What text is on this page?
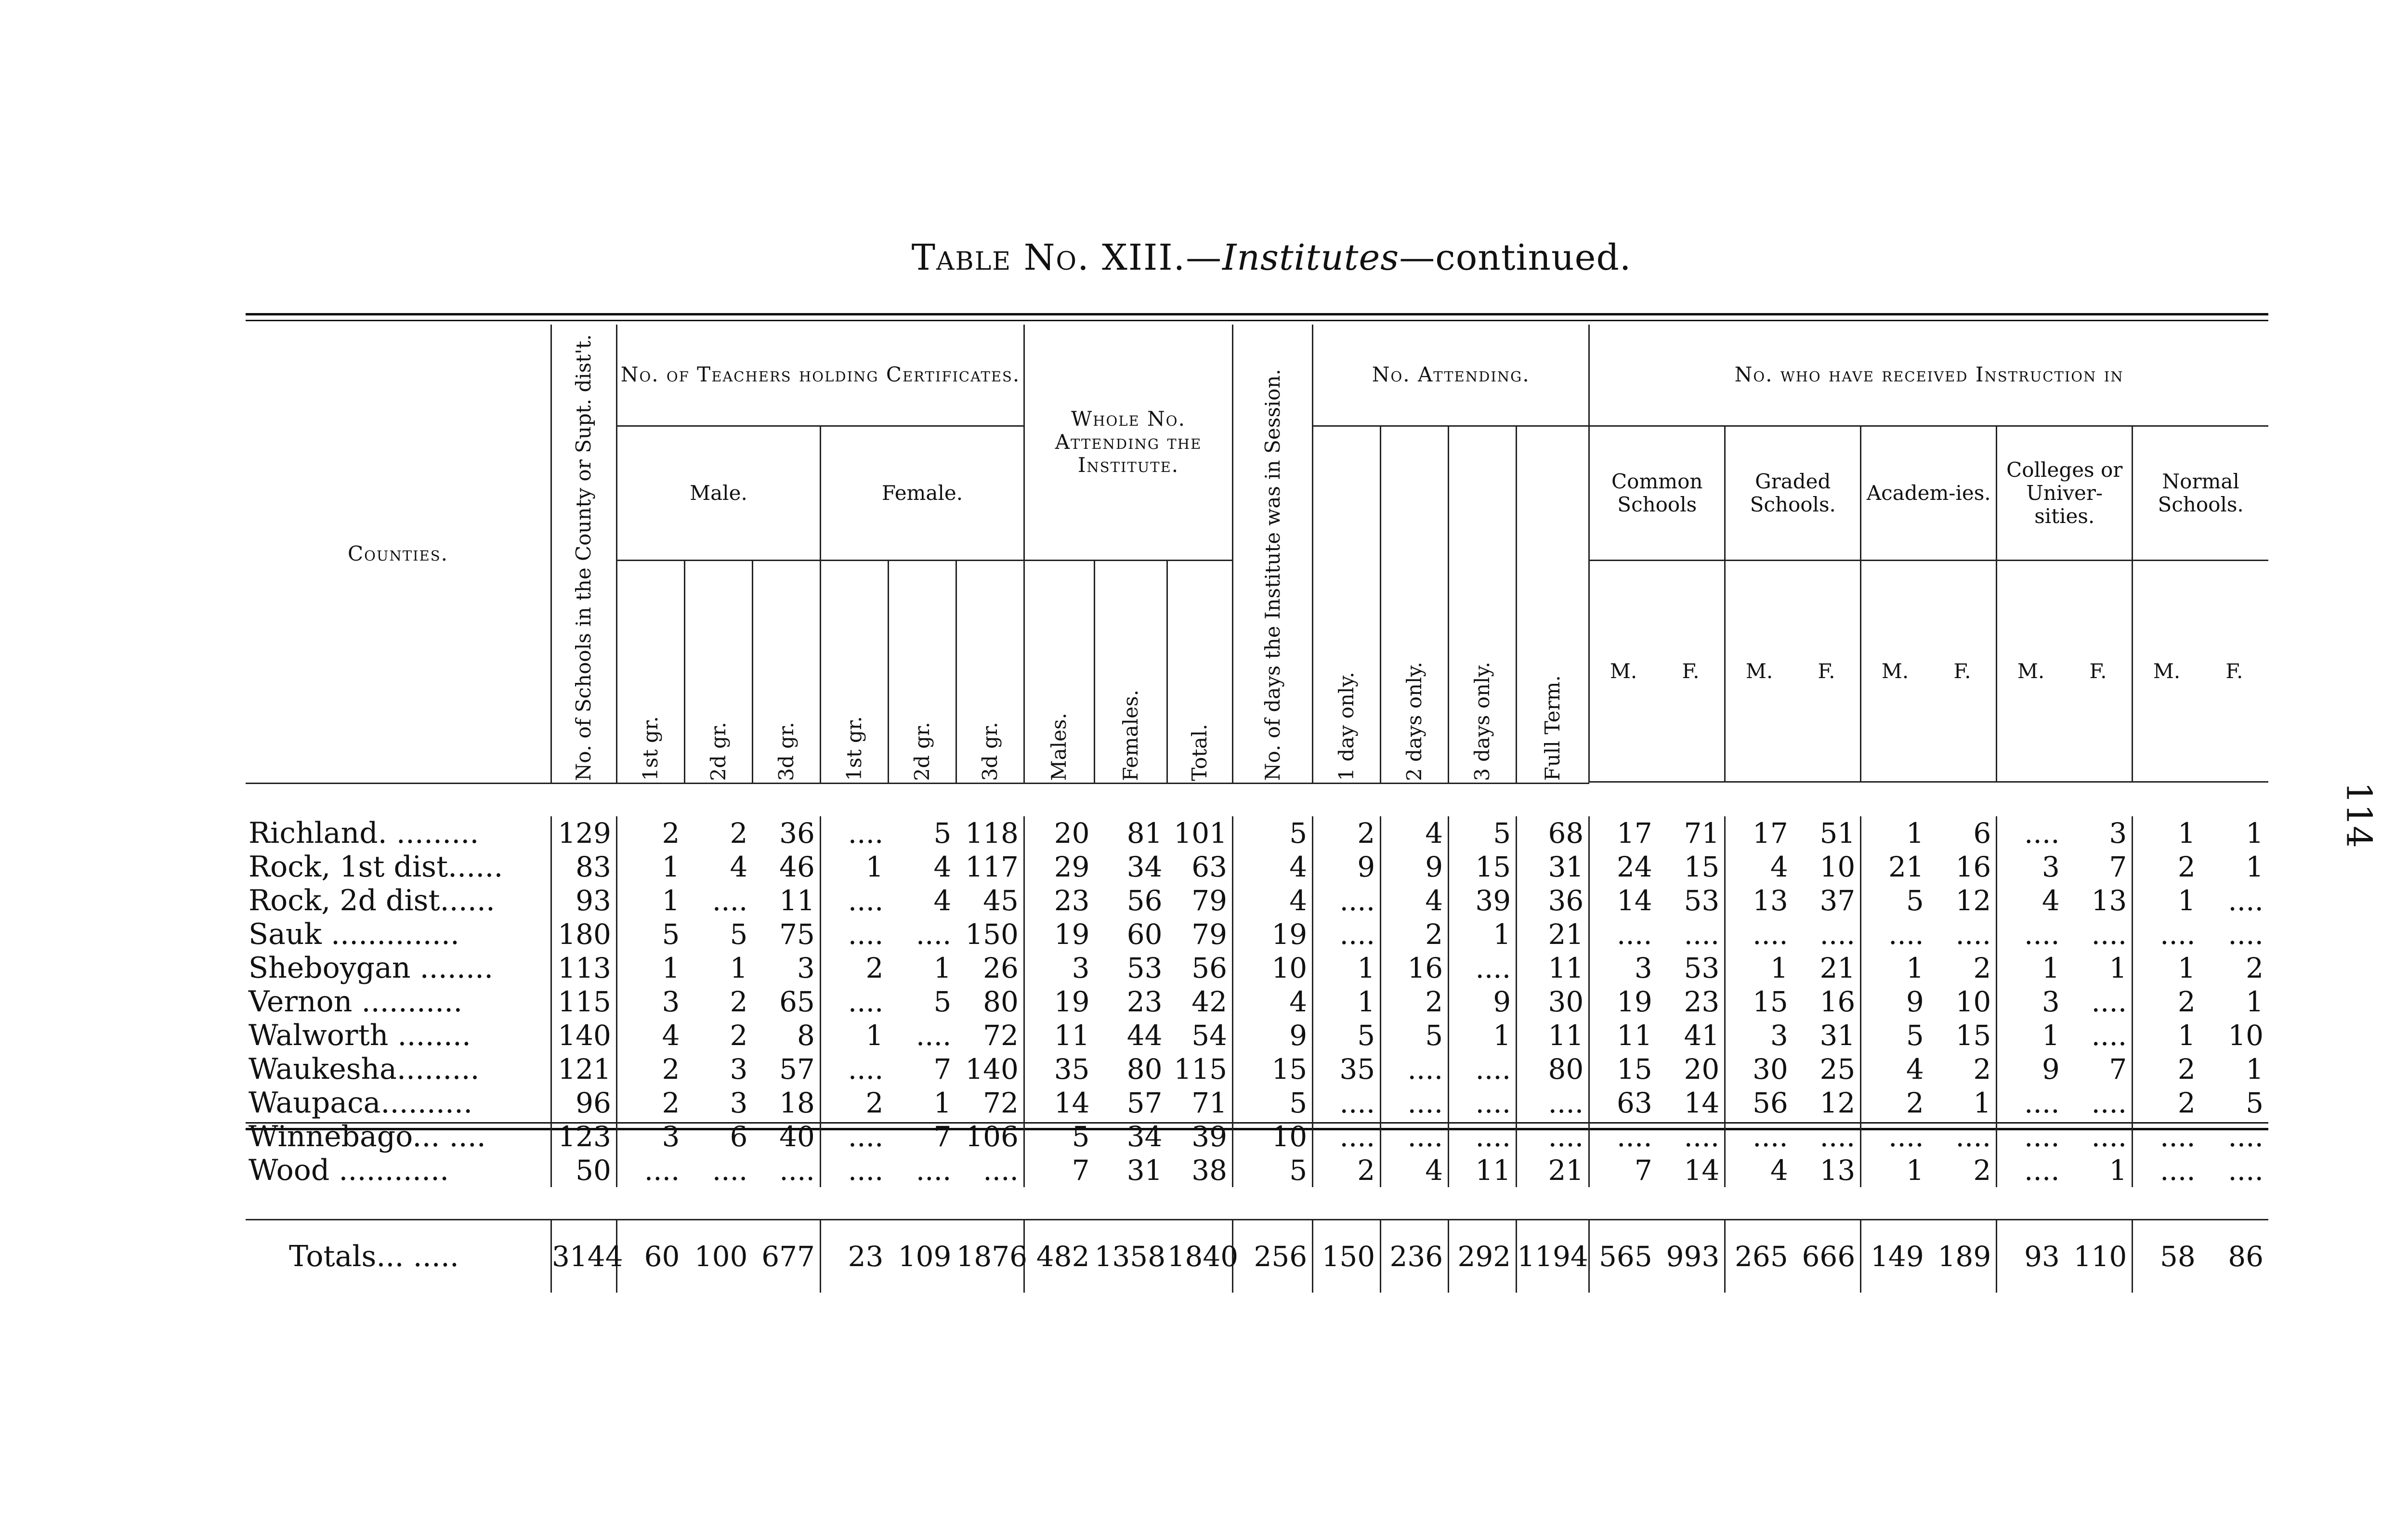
Table No. XIII.—Institutes—continued.
114
Counties.	No. of Schools in the County or Supt. dist't.	No. of Teachers holding Certificates.						Whole No. Attending the Institute.			No. of days the Institute was in Session.	No. Attending.				No. who have received Instruction in									
		Male.			Female.							1 day only.	2 days only.	3 days only.	Full Term.	Common Schools		Graded Schools.		Academ-ies.		Colleges or Univer-sities.		Normal Schools.	
		1st gr.	2d gr.	3d gr.	1st gr.	2d gr.	3d gr.	Males.	Females.	Total.						M.	F.	M.	F.	M.	F.	M.	F.	M.	F.

Richland. .........	129	2	2	36	....	5	118	20	81	101	5	2	4	5	68	17	71	17	51	1	6	....	3	1	1
Rock, 1st dist......	83	1	4	46	1	4	117	29	34	63	4	9	9	15	31	24	15	4	10	21	16	3	7	2	1
Rock, 2d dist......	93	1	....	11	....	4	45	23	56	79	4	....	4	39	36	14	53	13	37	5	12	4	13	1	....
Sauk ..............	180	5	5	75	....	....	150	19	60	79	19	....	2	1	21	....	....	....	....	....	....	....	....	....	....
Sheboygan ........	113	1	1	3	2	1	26	3	53	56	10	1	16	....	11	3	53	1	21	1	2	1	1	1	2
Vernon ...........	115	3	2	65	....	5	80	19	23	42	4	1	2	9	30	19	23	15	16	9	10	3	....	2	1
Walworth ........	140	4	2	8	1	....	72	11	44	54	9	5	5	1	11	11	41	3	31	5	15	1	....	1	10
Waukesha.........	121	2	3	57	....	7	140	35	80	115	15	35	....	....	80	15	20	30	25	4	2	9	7	2	1
Waupaca..........	96	2	3	18	2	1	72	14	57	71	5	....	....	....	....	63	14	56	12	2	1	....	....	2	5
Winnebago... ....	123	3	6	40	....	7	106	5	34	39	10	....	....	....	....	....	....	....	....	....	....	....	....	....	....
Wood ............	50	....	....	....	....	....	....	7	31	38	5	2	4	11	21	7	14	4	13	1	2	....	1	....	....

Totals... .....	3144	60	100	677	23	109	1876	482	1358	1840	256	150	236	292	1194	565	993	265	666	149	189	93	110	58	86
